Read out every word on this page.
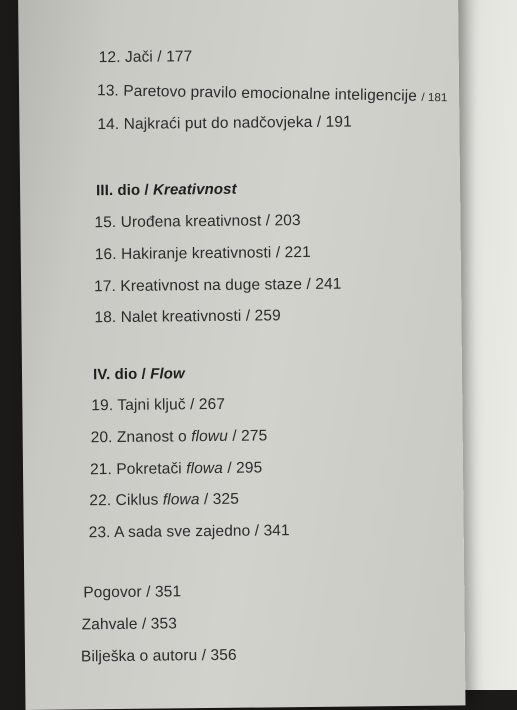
12. Jači / 177
13. Paretovo pravilo emocionalne inteligencije / 181
14. Najkraći put do nadčovjeka / 191
III. dio / Kreativnost
15. Urođena kreativnost / 203
16. Hakiranje kreativnosti / 221
17. Kreativnost na duge staze / 241
18. Nalet kreativnosti / 259
IV. dio / Flow
19. Tajni ključ / 267
20. Znanost o flowu / 275
21. Pokretači flowa / 295
22. Ciklus flowa / 325
23. A sada sve zajedno / 341
Pogovor / 351
Zahvale / 353
Bilješka o autoru / 356
